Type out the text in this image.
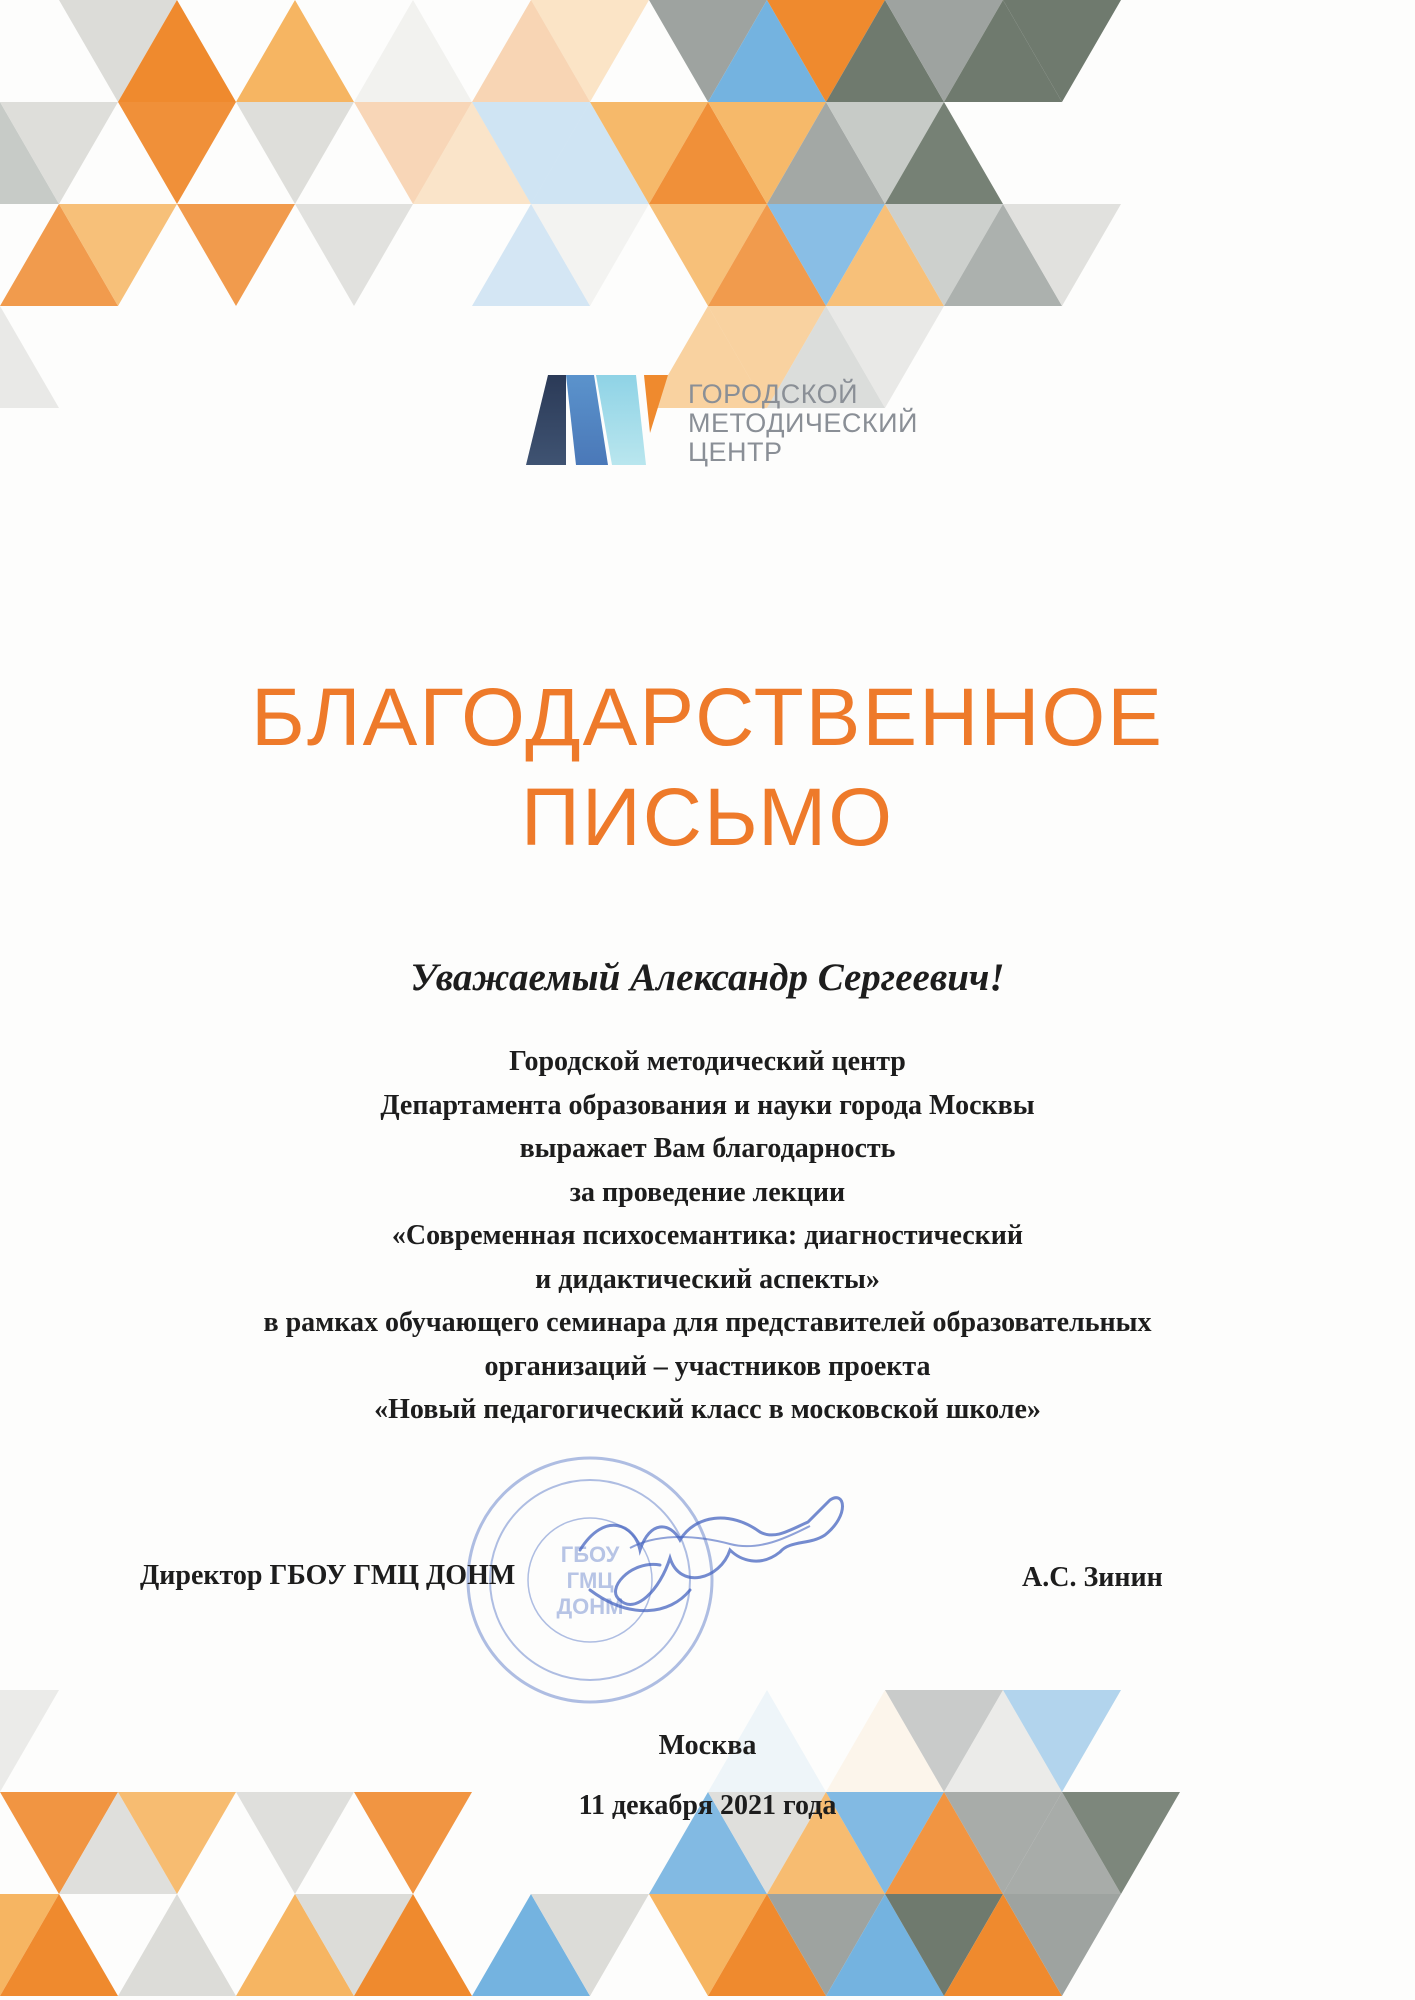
ГОРОДСКОЙ
МЕТОДИЧЕСКИЙ
ЦЕНТР
БЛАГОДАРСТВЕННОЕ
ПИСЬМО
Уважаемый Александр Сергеевич!
Городской методический центр
Департамента образования и науки города Москвы
выражает Вам благодарность
за проведение лекции
«Современная психосемантика: диагностический
и дидактический аспекты»
в рамках обучающего семинара для представителей образовательных
организаций – участников проекта
«Новый педагогический класс в московской школе»
ГБОУ
ГМЦ
ДОНМ
Директор ГБОУ ГМЦ ДОНМ	А.С. Зинин
Москва
11 декабря 2021 года
